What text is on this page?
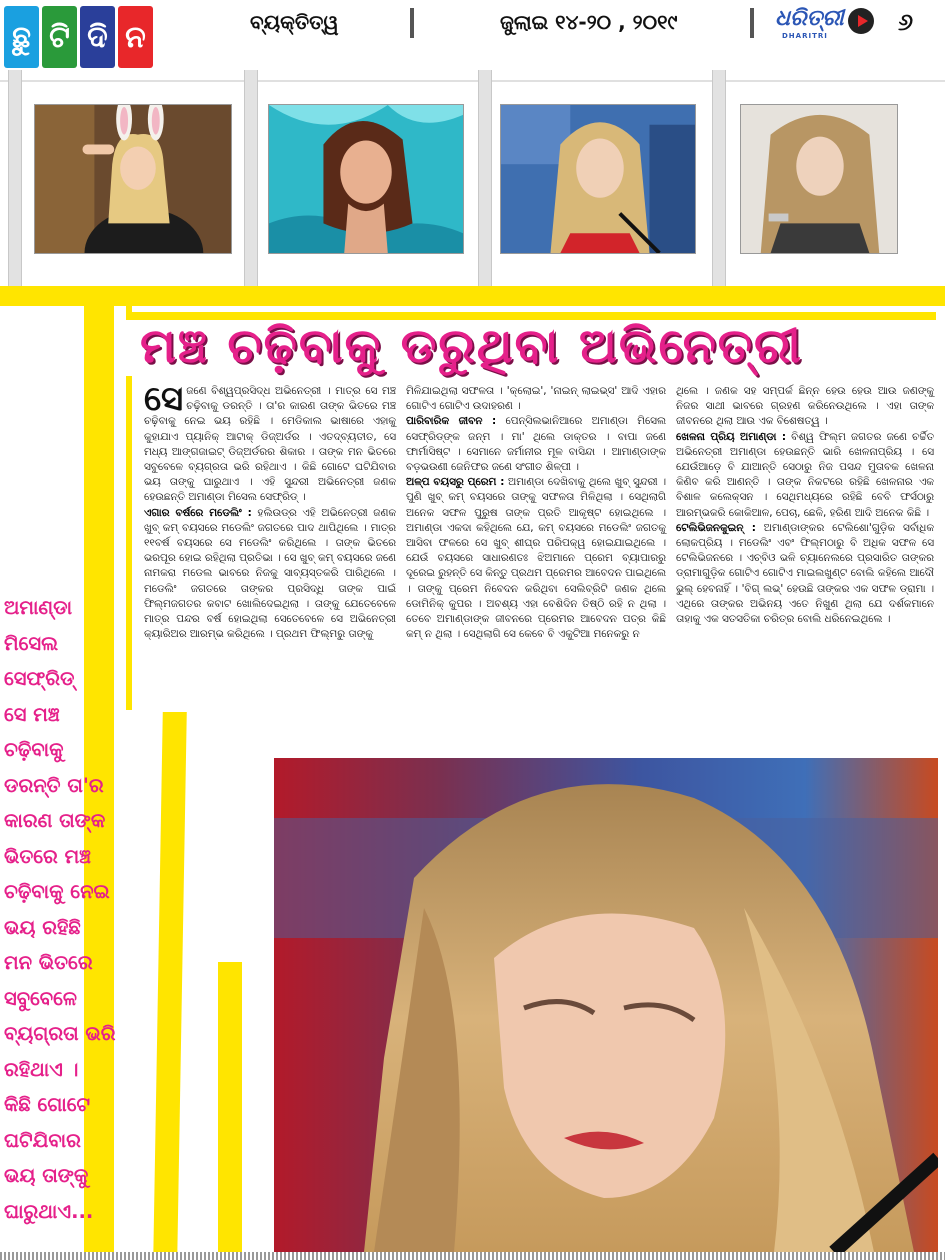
ଛୁ ଟି ଦି ନ	ବ୍ୟକ୍ତିତ୍ୱ	ଜୁଲାଇ ୧୪-୨୦ , ୨୦୧୯	ଧରିତ୍ରୀ
DHARITRI	୬
ମଞ୍ଚ ଚଢ଼ିବାକୁ ଡରୁଥିବା ଅଭିନେତ୍ରୀ

ସେ ଜଣେ ବିଶ୍ୱପ୍ରସିଦ୍ଧ ଅଭିନେତ୍ରୀ । ମାତ୍ର ସେ ମଞ୍ଚ ଚଢ଼ିବାକୁ ଡରନ୍ତି । ତା'ର କାରଣ ତାଙ୍କ ଭିତରେ ମଞ୍ଚ ଚଢ଼ିବାକୁ ନେଇ ଭୟ ରହିଛି । ମେଡିକାଲ ଭାଷାରେ ଏହାକୁ କୁହାଯାଏ ପ୍ୟାନିକ୍ ଆଟାକ୍ ଡିଜ୍ଅର୍ଡର । ଏତଦ୍‌ବ୍ୟତୀତ, ସେ ମଧ୍ୟ ଆଙ୍ଗଜାଇଟ୍ ଡିଜ୍ଅର୍ଡରର ଶିକାର । ତାଙ୍କ ମନ ଭିତରେ ସବୁବେଳେ ବ୍ୟଗ୍ରତା ଭରି ରହିଥାଏ । କିଛି ଗୋଟେ ଘଟିଯିବାର ଭୟ ତାଙ୍କୁ ଘାରୁଥାଏ । ଏହି ସୁନ୍ଦରୀ ଅଭିନେତ୍ରୀ ଜଣକ ହେଉଛନ୍ତି ଅମାଣ୍ଡା ମିସେଲ ସେଫ୍ରିଡ୍ ।

ଏଗାର ବର୍ଷରେ ମଡେଲିଂ : ହଲିଉଡ୍‌ର ଏହି ଅଭିନେତ୍ରୀ ଜଣକ ଖୁବ୍ କମ୍ ବୟସରେ ମଡେଲିଂ ଜଗତରେ ପାଦ ଥାପିଥିଲେ । ମାତ୍ର ୧୧ବର୍ଷ ବୟସରେ ସେ ମଡେଲିଂ କରିଥିଲେ । ତାଙ୍କ ଭିତରେ ଭରପୂର ହୋଇ ରହିଥିଲା ପ୍ରତିଭା । ସେ ଖୁବ୍ କମ୍ ବୟସରେ ଜଣେ ନାମକରା ମଡେଲ ଭାବରେ ନିଜକୁ ସାବ୍ୟସ୍ତକରି ପାରିଥିଲେ । ମଡେଲିଂ ଜଗତରେ ତାଙ୍କର ପ୍ରସିଦ୍ଧି ତାଙ୍କ ପାଇଁ ଫିଲ୍ମଜଗତର କବାଟ ଖୋଲିଦେଇଥିଲା । ତାଙ୍କୁ ଯେତେବେଳେ ମାତ୍ର ପନ୍ଦର ବର୍ଷ ହୋଇଥିଲା ସେତେବେଳେ ସେ ଅଭିନେତ୍ରୀ କ୍ୟାରିଅର ଆରମ୍ଭ କରିଥିଲେ । ପ୍ରଥମ ଫିଲ୍ମରୁ ତାଙ୍କୁ

ମିଳିଯାଇଥିଲା ସଫଳତା । 'କ୍ଲୋଇ', 'ନାଇନ୍ ଲାଇଭ୍ସ' ଆଦି ଏହାର ଗୋଟିଏ ଗୋଟିଏ ଉଦାହରଣ ।

ପାରିବାରିକ ଜୀବନ : ପେନ୍‌ସିଲଭାନିଆରେ ଅମାଣ୍ଡା ମିସେଲ ସେଫ୍ରିଡ୍‌ଙ୍କ ଜନ୍ମ । ମା' ଥିଲେ ଡାକ୍ତର । ବାପା ଜଣେ ଫାର୍ମାସିଷ୍ଟ । ସେମାନେ ଜର୍ମାନୀର ମୂଳ ବାସିନ୍ଦା । ଆମାଣ୍ଡାଙ୍କ ବଡ଼ଭଉଣୀ ଜେନିଫର ଜଣେ ସଂଗୀତ ଶିଳ୍ପୀ ।

ଅଳ୍ପ ବୟସରୁ ପ୍ରେମ : ଅମାଣ୍ଡା ଦେଖିବାକୁ ଥିଲେ ଖୁବ୍ ସୁନ୍ଦରୀ । ପୁଣି ଖୁବ୍ କମ୍ ବୟସରେ ତାଙ୍କୁ ସଫଳତା ମିଳିଥିଲା । ସେଥିଲାଗି ଅନେକ ସଫଳ ପୁରୁଷ ତାଙ୍କ ପ୍ରତି ଆକୃଷ୍ଟ ହୋଇଥିଲେ । ଅମାଣ୍ଡା ଏକଦା କହିଥିଲେ ଯେ, କମ୍ ବୟସରେ ମଡେଲିଂ ଜଗତକୁ ଆସିବା ଫଳରେ ସେ ଖୁବ୍ ଶୀଘ୍ର ପରିପକ୍ୱ ହୋଇଯାଇଥିଲେ । ଯେଉଁ ବୟସରେ ସାଧାରଣତଃ ଝିଅମାନେ ପ୍ରେମ ବ୍ୟାପାରରୁ ଦୂରେଇ ରୁହନ୍ତି ସେ କିନ୍ତୁ ପ୍ରଥମ ପ୍ରେମର ଆବେଦନ ପାଇଥିଲେ । ତାଙ୍କୁ ପ୍ରେମ ନିବେଦନ କରିଥିବା ସେଲିବ୍ରିଟି ଜଣକ ଥିଲେ ଡୋମିନିକ୍ କୁପର । ଅବଶ୍ୟ ଏହା ବେଶିଦିନ ତିଷ୍ଠି ରହି ନ ଥିଲା । ତେବେ ଅମାଣ୍ଡାଙ୍କ ଜୀବନରେ ପ୍ରେମର ଆବେଦନ ପତ୍ର କିଛି କମ୍ ନ ଥିଲା । ସେଥିଲାଗି ସେ କେବେ ବି ଏକୁଟିଆ ମନେକରୁ ନ

ଥିଲେ । ଜଣକ ସହ ସମ୍ପର୍କ ଛିନ୍ନ ହେଉ ହେଉ ଆଉ ଜଣଙ୍କୁ ନିଜର ସାଥୀ ଭାବରେ ଗ୍ରହଣ କରିନେଉଥିଲେ । ଏହା ତାଙ୍କ ଜୀବନରେ ଥିଲା ଆଉ ଏକ ବିଶେଷତ୍ୱ ।

ଖେଳନା ପ୍ରିୟ ଅମାଣ୍ଡା : ବିଶ୍ୱ ଫିଲ୍ମ ଜଗତର ଜଣେ ଚର୍ଚ୍ଚିତ ଅଭିନେତ୍ରୀ ଅମାଣ୍ଡା ହେଉଛନ୍ତି ଭାରି ଖେଳନାପ୍ରିୟ । ସେ ଯେଉଁଆଡ଼େ ବି ଯାଆନ୍ତି ସେଠାରୁ ନିଜ ପସନ୍ଦ ମୁତାବକ ଖେଳନା କିଣିବ କରି ଆଣନ୍ତି । ତାଙ୍କ ନିକଟରେ ରହିଛି ଖେଳନାର ଏକ ବିଶାଳ କଲେକ୍‌ସନ । ସେଥିମଧ୍ୟରେ ରହିଛି ବେବି ଫର୍ସଠାରୁ ଆରମ୍ଭକରି କୋକିଆଳ, ପେଚା, ଛେଳି, ହରିଣ ଆଦି ଅନେକ କିଛି ।

ଟେଲିଭିଜନକୁଇନ୍ : ଅମାଣ୍ଡାଙ୍କର ଟେଲିଶୋ'ଗୁଡ଼ିକ ସର୍ବାଧିକ ଲୋକପ୍ରିୟ । ମଡେଲିଂ ଏବଂ ଫିଲ୍ମଠାରୁ ବି ଅଧିକ ସଫଳ ସେ ଟେଲିଭିଜନରେ । ଏଚ୍‌ବିଓ ଭଳି ଚ୍ୟାନେଲରେ ପ୍ରସାରିତ ତାଙ୍କର ଡ୍ରାମାଗୁଡ଼ିକ ଗୋଟିଏ ଗୋଟିଏ ମାଇଲଖୁଣ୍ଟ ବୋଲି କହିଲେ ଆଦୌ ଭୁଲ୍ ହେବନାହିଁ । 'ବିଗ୍ ଲଭ୍' ହେଉଛି ତାଙ୍କର ଏକ ସଫଳ ଡ୍ରାମା । ଏଥିରେ ତାଙ୍କର ଅଭିନୟ ଏତେ ନିଖୁଣ ଥିଲା ଯେ ଦର୍ଶକମାନେ ତାହାକୁ ଏକ ସତସତିକା ଚରିତ୍ର ବୋଲି ଧରିନେଇଥିଲେ ।

ଅମାଣ୍ଡା
ମିସେଲ
ସେଫ୍ରିଡ୍
ସେ ମଞ୍ଚ
ଚଢ଼ିବାକୁ
ଡରନ୍ତି ତା'ର
କାରଣ ତାଙ୍କ
ଭିତରେ ମଞ୍ଚ
ଚଢ଼ିବାକୁ ନେଇ
ଭୟ ରହିଛି
ମନ ଭିତରେ
ସବୁବେଳେ
ବ୍ୟଗ୍ରତା ଭରି
ରହିଥାଏ ।
କିଛି ଗୋଟେ
ଘଟିଯିବାର
ଭୟ ତାଙ୍କୁ
ଘାରୁଥାଏ...
